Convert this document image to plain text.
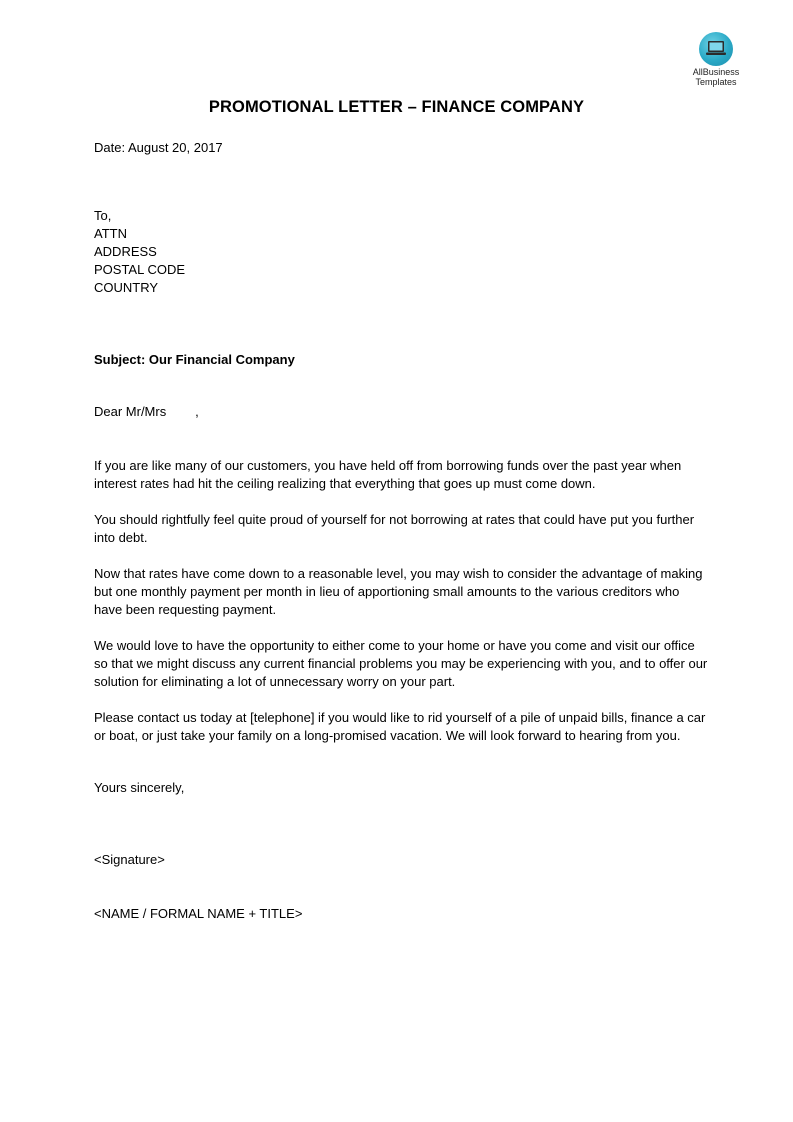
AllBusiness
Templates
PROMOTIONAL LETTER – FINANCE COMPANY
Date: August 20, 2017
To,
ATTN
ADDRESS
POSTAL CODE
COUNTRY
Subject: Our Financial Company
Dear Mr/Mrs        ,
If you are like many of our customers, you have held off from borrowing funds over the past year when interest rates had hit the ceiling realizing that everything that goes up must come down.
You should rightfully feel quite proud of yourself for not borrowing at rates that could have put you further into debt.
Now that rates have come down to a reasonable level, you may wish to consider the advantage of making but one monthly payment per month in lieu of apportioning small amounts to the various creditors who have been requesting payment.
We would love to have the opportunity to either come to your home or have you come and visit our office so that we might discuss any current financial problems you may be experiencing with you, and to offer our solution for eliminating a lot of unnecessary worry on your part.
Please contact us today at [telephone] if you would like to rid yourself of a pile of unpaid bills, finance a car or boat, or just take your family on a long-promised vacation. We will look forward to hearing from you.
Yours sincerely,
<Signature>
<NAME / FORMAL NAME + TITLE>
